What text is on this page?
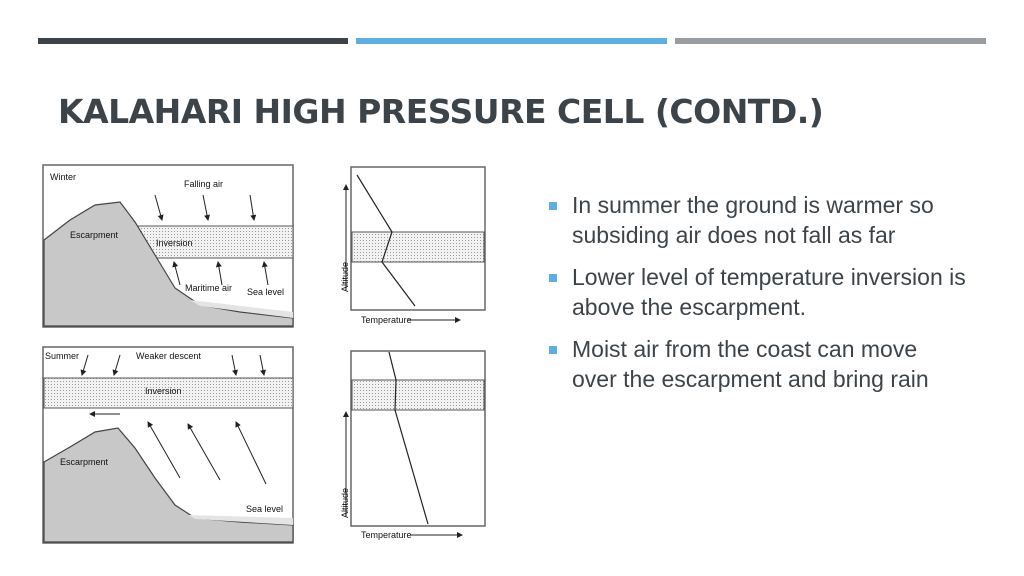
KALAHARI HIGH PRESSURE CELL (CONTD.)
Winter
Falling air
Escarpment
Inversion
Maritime air Sea level
Summer	Weaker descent
Inversion
Escarpment
Sea level
Altitude
Temperature
Altitude
Temperature
In summer the ground is warmer so subsiding air does not fall as far
Lower level of temperature inversion is above the escarpment.
Moist air from the coast can move over the escarpment and bring rain
